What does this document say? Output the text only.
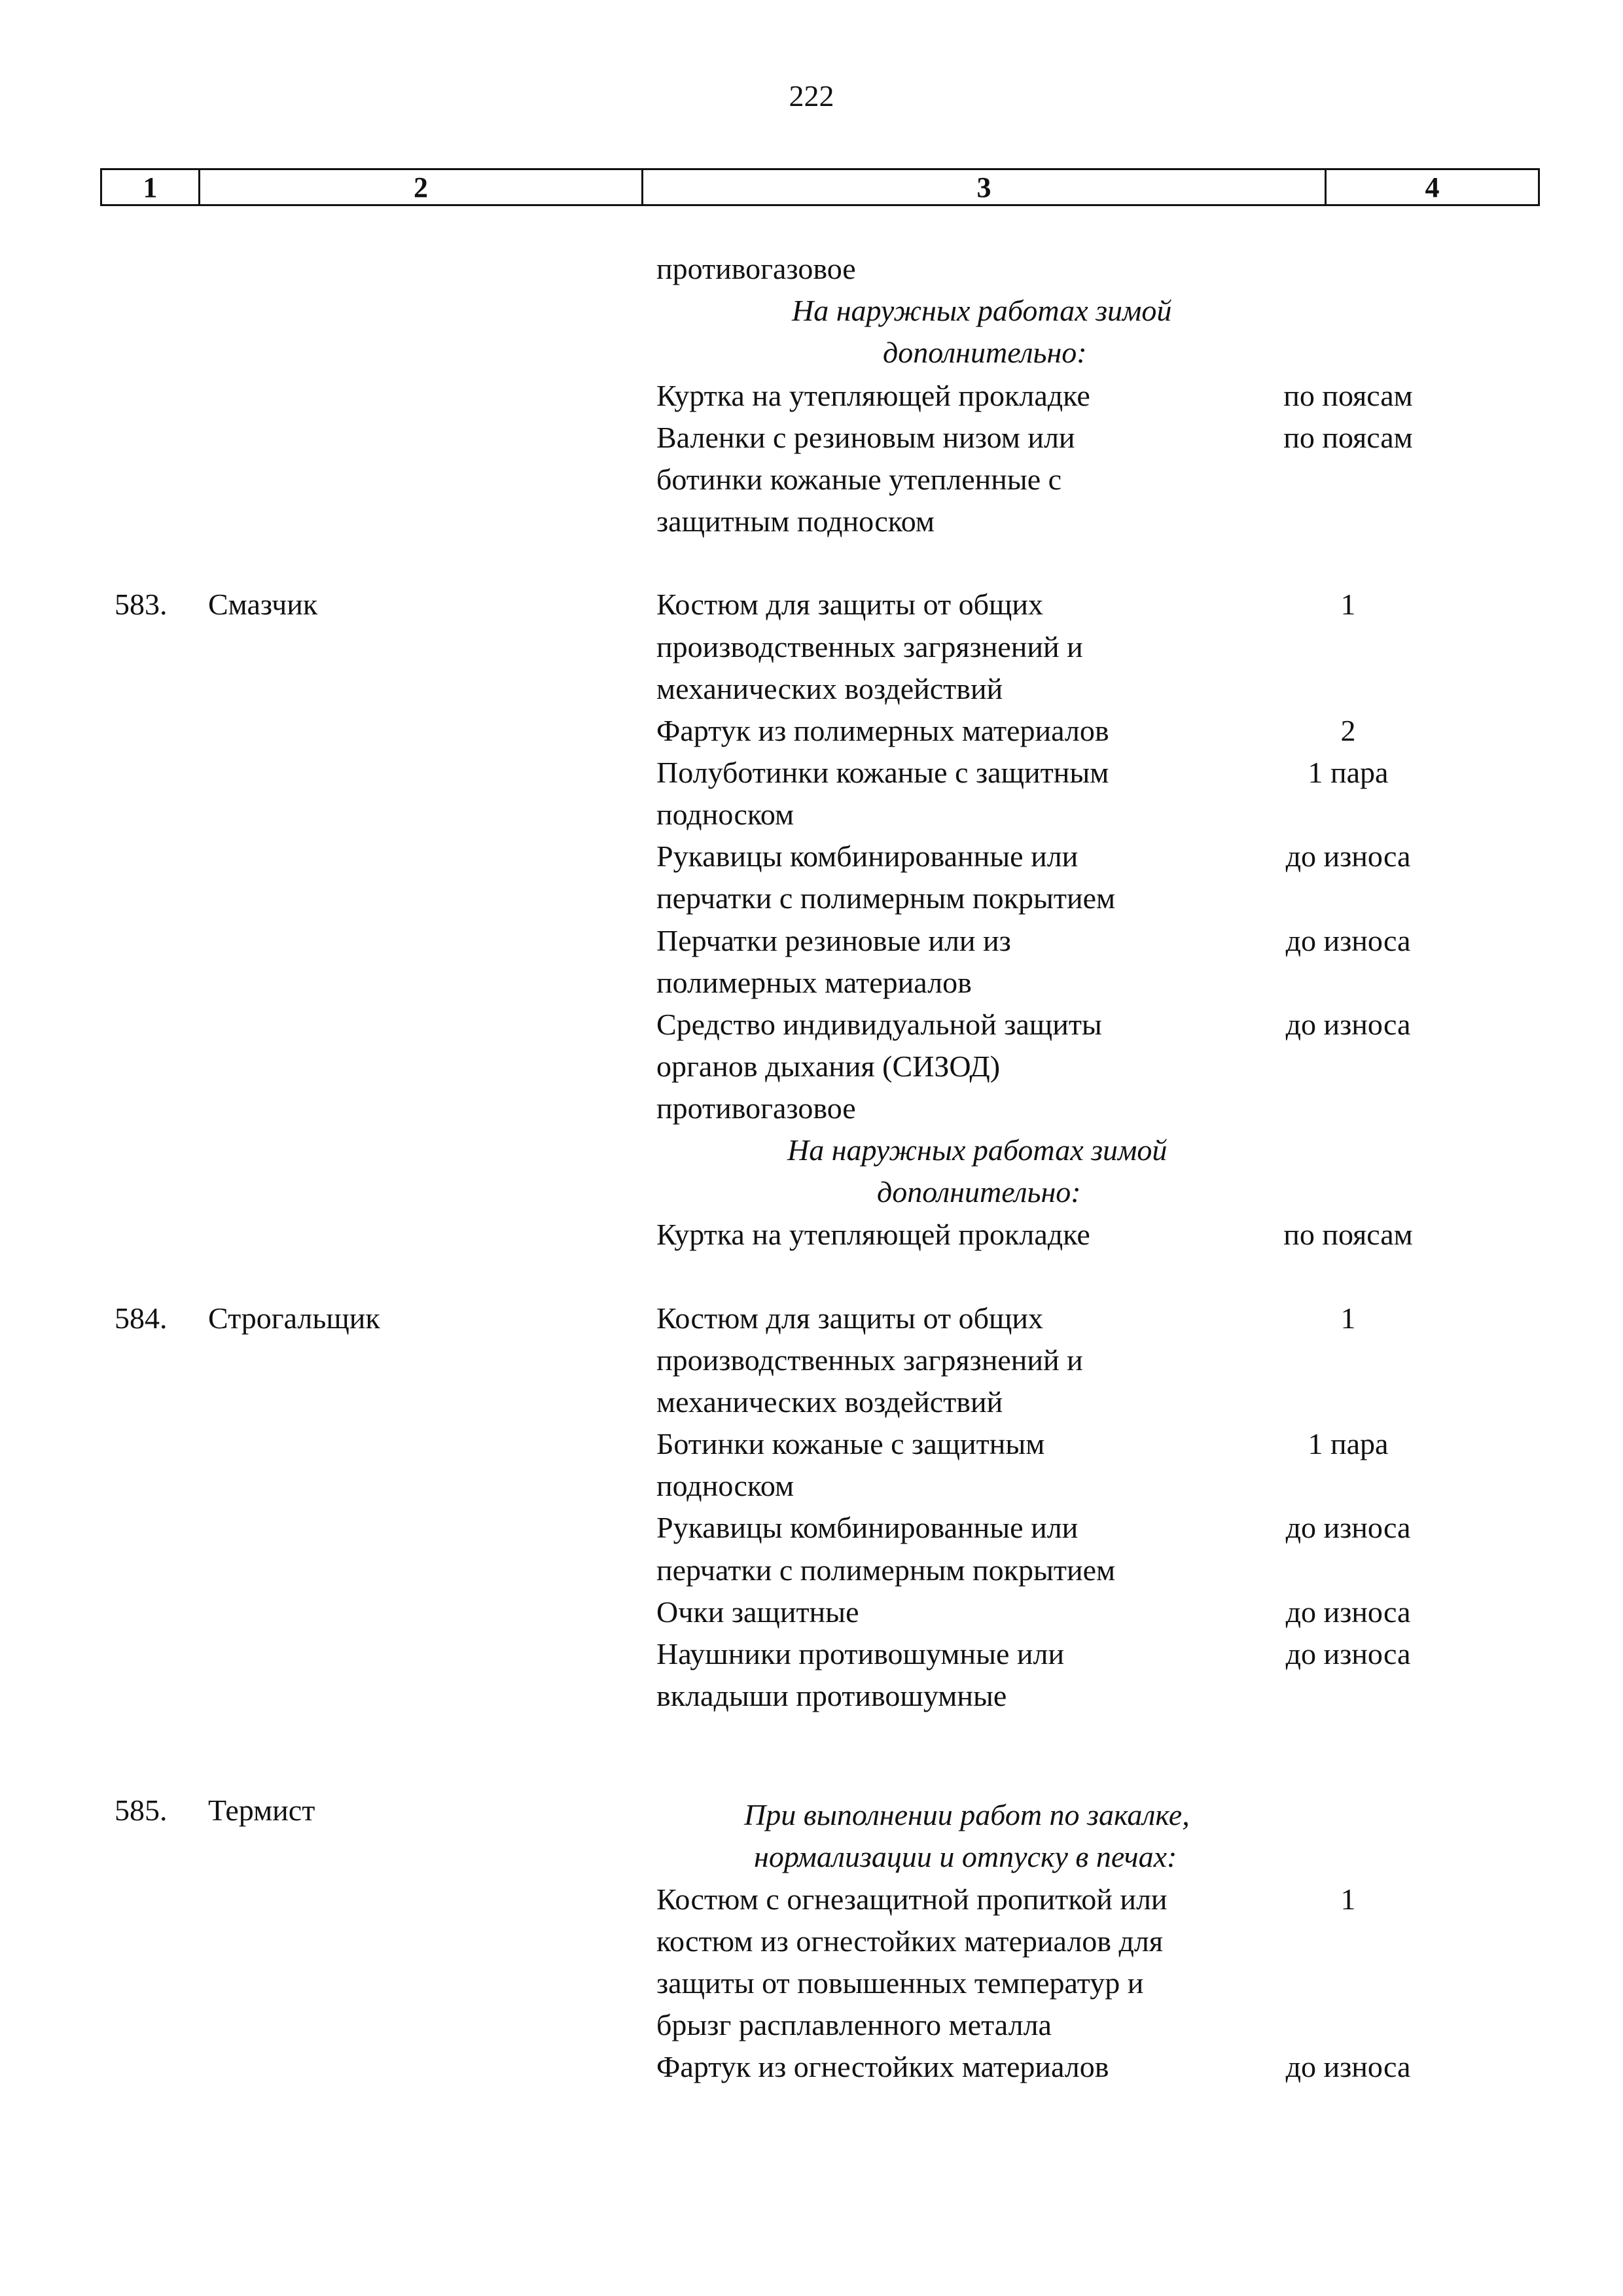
222
1	2	3	4
противогазовое
На наружных работах зимой
дополнительно:
Куртка на утепляющей прокладке	по поясам
Валенки с резиновым низом или	по поясам
ботинки кожаные утепленные с
защитным подноском
583. Смазчик	Костюм для защиты от общих	1
производственных загрязнений и
механических воздействий
Фартук из полимерных материалов	2
Полуботинки кожаные с защитным	1 пара
подноском
Рукавицы комбинированные или	до износа
перчатки с полимерным покрытием
Перчатки резиновые или из	до износа
полимерных материалов
Средство индивидуальной защиты	до износа
органов дыхания (СИЗОД)
противогазовое
На наружных работах зимой
дополнительно:
Куртка на утепляющей прокладке	по поясам
584. Строгальщик	Костюм для защиты от общих	1
производственных загрязнений и
механических воздействий
Ботинки кожаные с защитным	1 пара
подноском
Рукавицы комбинированные или	до износа
перчатки с полимерным покрытием
Очки защитные	до износа
Наушники противошумные или	до износа
вкладыши противошумные
585. Термист	При выполнении работ по закалке,
нормализации и отпуску в печах:
Костюм с огнезащитной пропиткой или	1
костюм из огнестойких материалов для
защиты от повышенных температур и
брызг расплавленного металла
Фартук из огнестойких материалов	до износа
